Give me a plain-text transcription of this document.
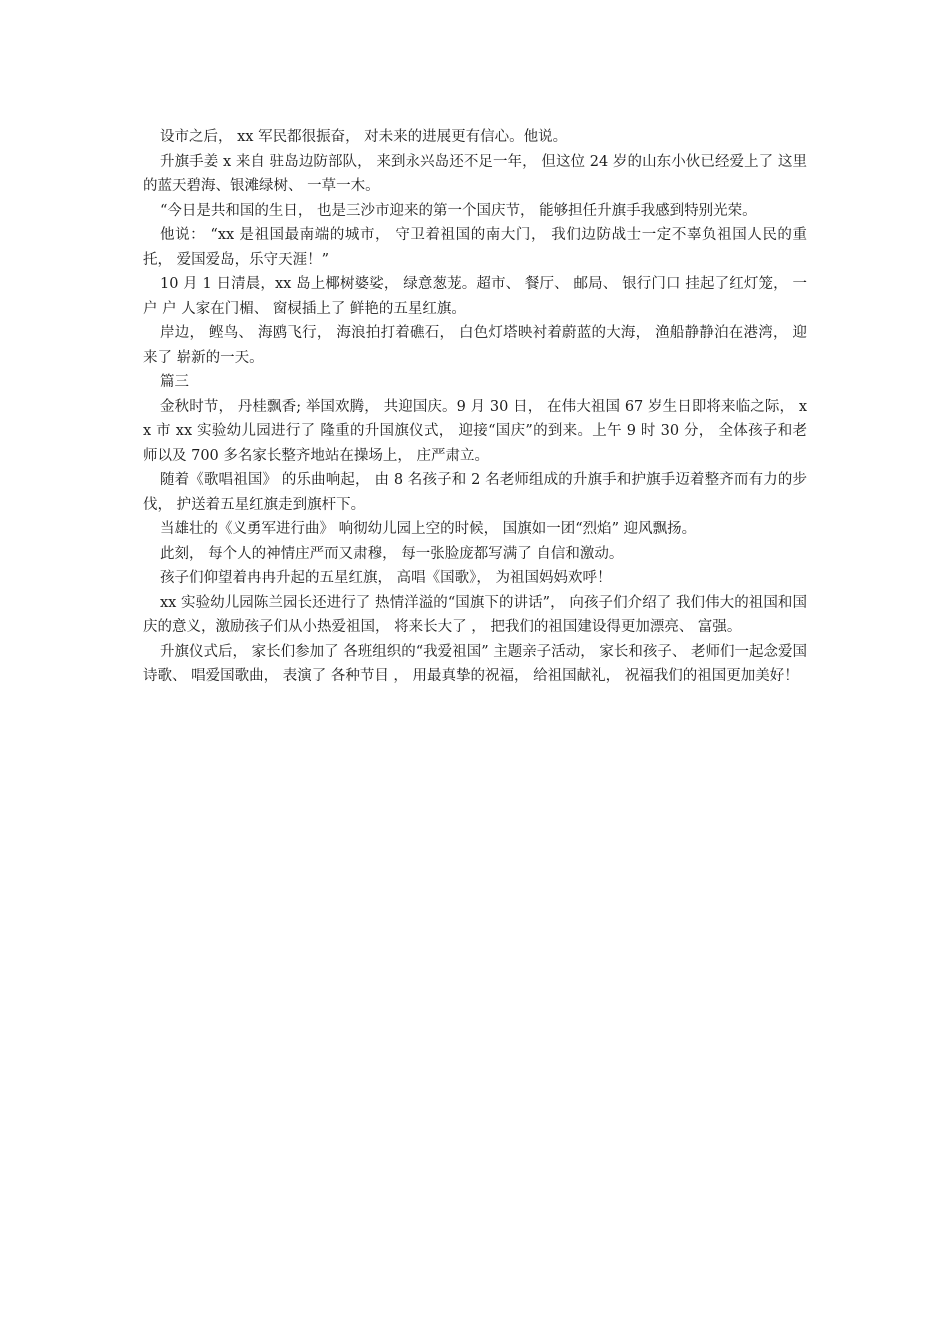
设市之后， xx 军民都很振奋， 对未来的进展更有信心。他说。

升旗手姜 x 来自 驻岛边防部队， 来到永兴岛还不足一年， 但这位 24 岁的山东小伙已经爱上了 这里的蓝天碧海、银滩绿树、 一草一木。

“今日是共和国的生日， 也是三沙市迎来的第一个国庆节， 能够担任升旗手我感到特别光荣。

他说： “xx 是祖国最南端的城市， 守卫着祖国的南大门， 我们边防战士一定不辜负祖国人民的重托， 爱国爱岛，乐守天涯！”

10 月 1 日清晨，xx 岛上椰树婆娑， 绿意葱茏。超市、 餐厅、 邮局、 银行门口 挂起了红灯笼， 一户 户 人家在门楣、 窗棂插上了 鲜艳的五星红旗。

岸边， 鲣鸟、 海鸥飞行， 海浪拍打着礁石， 白色灯塔映衬着蔚蓝的大海， 渔船静静泊在港湾， 迎来了 崭新的一天。

篇三

金秋时节， 丹桂飘香; 举国欢腾， 共迎国庆。9 月 30 日， 在伟大祖国 67 岁生日即将来临之际， xx 市 xx 实验幼儿园进行了 隆重的升国旗仪式， 迎接“国庆”的到来。上午 9 时 30 分， 全体孩子和老师以及 700 多名家长整齐地站在操场上， 庄严肃立。

随着《歌唱祖国》 的乐曲响起， 由 8 名孩子和 2 名老师组成的升旗手和护旗手迈着整齐而有力的步伐， 护送着五星红旗走到旗杆下。

当雄壮的《义勇军进行曲》 响彻幼儿园上空的时候， 国旗如一团“烈焰” 迎风飘扬。

此刻， 每个人的神情庄严而又肃穆， 每一张脸庞都写满了 自信和激动。

孩子们仰望着冉冉升起的五星红旗， 高唱《国歌》， 为祖国妈妈欢呼！

xx 实验幼儿园陈兰园长还进行了 热情洋溢的“国旗下的讲话”， 向孩子们介绍了 我们伟大的祖国和国庆的意义，激励孩子们从小热爱祖国， 将来长大了 ， 把我们的祖国建设得更加漂亮、 富强。

升旗仪式后， 家长们参加了 各班组织的“我爱祖国” 主题亲子活动， 家长和孩子、 老师们一起念爱国诗歌、 唱爱国歌曲， 表演了 各种节目 ， 用最真挚的祝福， 给祖国献礼， 祝福我们的祖国更加美好！
